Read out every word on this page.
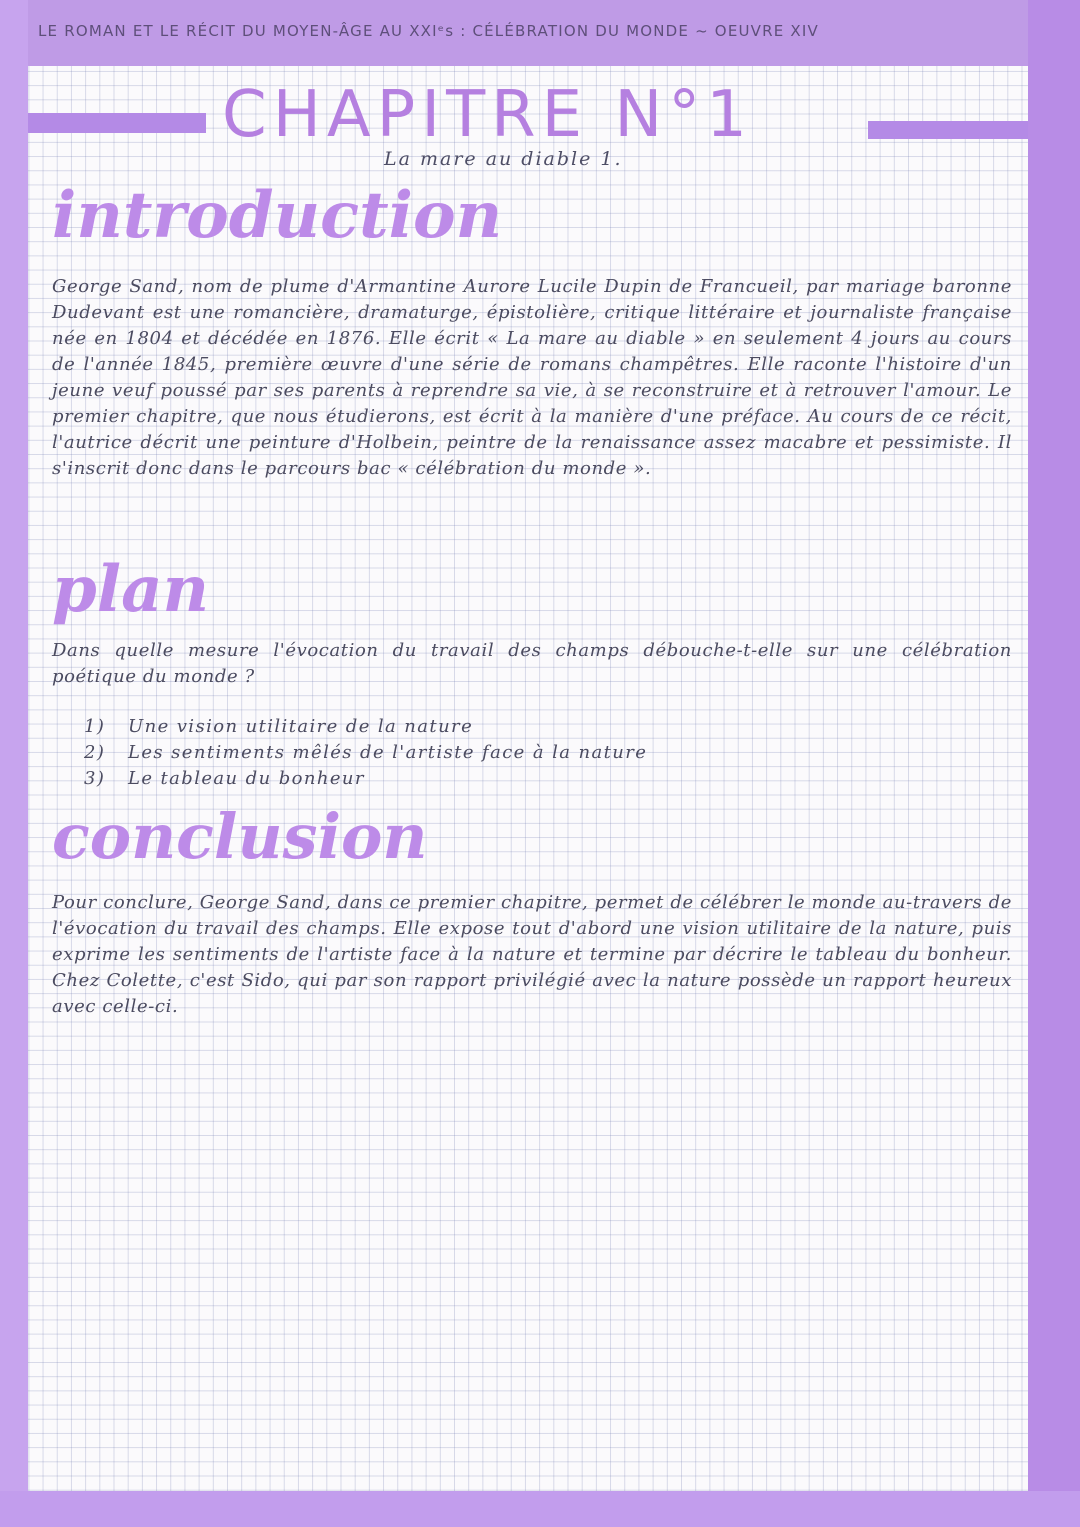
LE ROMAN ET LE RÉCIT DU MOYEN-ÂGE AU XXIᵉs : CÉLÉBRATION DU MONDE ~ OEUVRE XIV
CHAPITRE N°1
La mare au diable 1.
introduction
George Sand, nom de plume d'Armantine Aurore Lucile Dupin de Francueil, par mariage baronne Dudevant est une romancière, dramaturge, épistolière, critique littéraire et journaliste française née en 1804 et décédée en 1876. Elle écrit « La mare au diable » en seulement 4 jours au cours de l'année 1845, première œuvre d'une série de romans champêtres. Elle raconte l'histoire d'un jeune veuf poussé par ses parents à reprendre sa vie, à se reconstruire et à retrouver l'amour. Le premier chapitre, que nous étudierons, est écrit à la manière d'une préface. Au cours de ce récit, l'autrice décrit une peinture d'Holbein, peintre de la renaissance assez macabre et pessimiste. Il s'inscrit donc dans le parcours bac « célébration du monde ».
plan
Dans quelle mesure l'évocation du travail des champs débouche-t-elle sur une célébration poétique du monde ?
1) Une vision utilitaire de la nature
2) Les sentiments mêlés de l'artiste face à la nature
3) Le tableau du bonheur
conclusion
Pour conclure, George Sand, dans ce premier chapitre, permet de célébrer le monde au-travers de l'évocation du travail des champs. Elle expose tout d'abord une vision utilitaire de la nature, puis exprime les sentiments de l'artiste face à la nature et termine par décrire le tableau du bonheur. Chez Colette, c'est Sido, qui par son rapport privilégié avec la nature possède un rapport heureux avec celle-ci.
